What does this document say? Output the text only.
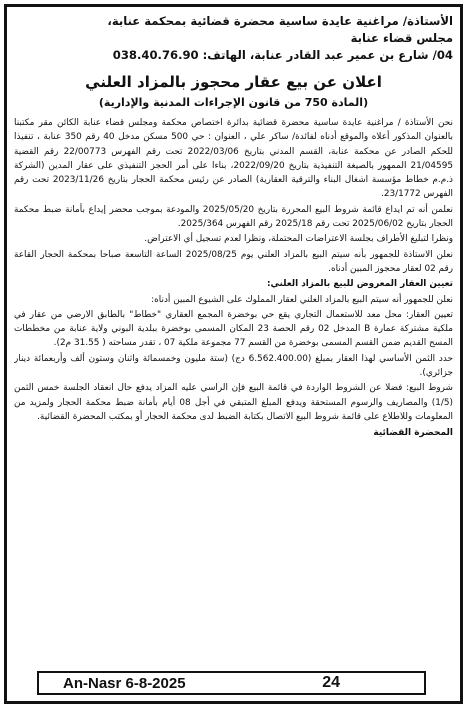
الأستاذة/ مراغنية عايدة ساسية محضرة قضائية بمحكمة عنابة،

مجلس قضاء عنابة

04/ شارع بن عمير عبد القادر عنابة، الهاتف: 038.40.76.90

اعلان عن بيع عقار محجوز بالمزاد العلني
(المادة 750 من قانون الإجراءات المدنية والإدارية)

نحن الأستاذة / مراغنية عايدة ساسية محضرة قضائية بدائرة اختصاص محكمة ومجلس قضاء عنابة الكائن مقر مكتبنا بالعنوان المذكور أعلاه والموقع أدناه لفائدة/ ساكر علي ، العنوان : حي 500 مسكن مدخل 40 رقم 350 عنابة ، تنفيذا للحكم الصادر عن محكمة عنابة، القسم المدني بتاريخ 2022/03/06 تحت رقم الفهرس 22/00773 رقم القضية 21/04595 الممهور بالصيغة التنفيذية بتاريخ 2022/09/20، بناءا على أمر الحجز التنفيذي على عقار المدين (الشركة ذ.م.م خطاط مؤسسة اشغال البناء والترقية العقارية) الصادر عن رئيس محكمة الحجار بتاريخ 2023/11/26 تحت رقم الفهرس 23/1772.

نعلمن أنه تم ايداع قائمة شروط البيع المحررة بتاريخ 2025/05/20 والمودعة بموجب محضر إيداع بأمانة ضبط محكمة الحجار بتاريخ 2025/06/02 تحت رقم 2025/18 رقم الفهرس 2025/364.

ونظرا لتبليغ الأطراف بجلسة الاعتراضات المحتملة، ونظرا لعدم تسجيل أي الاعتراض.

نعلن الاستاذة للجمهور بأنه سيتم البيع بالمزاد العلني يوم 2025/08/25 الساعة التاسعة صباحا بمحكمة الحجار القاعة رقم 02 لعقار محجوز المبين أدناه.

تعيين العقار المعروض للبيع بالمزاد العلني:

نعلن للجمهور أنه سيتم البيع بالمزاد العلني لعقار المملوك على الشيوع المبين أدناه:

تعيين العقار: محل معد للاستعمال التجاري يقع حي بوخضرة المجمع العقاري "خطاط" بالطابق الارضي من عقار في ملكية مشتركة عمارة B المدخل 02 رقم الحصة 23 المكان المسمى بوخضرة ببلدية البوني ولاية عنابة من مخططات المسح القديم ضمن القسم المسمى بوخضرة من القسم 77 مجموعة ملكية 07 ، تقدر مساحته ( 31.55 م2).

حدد الثمن الأساسي لهذا العقار بمبلغ (6.562.400.00 دج) (ستة مليون وخمسمائة واثنان وستون ألف وأربعمائة دينار جزائري).

شروط البيع: فضلا عن الشروط الواردة في قائمة البيع فإن الراسي عليه المزاد يدفع حال انعقاد الجلسة خمس الثمن (1/5) والمصاريف والرسوم المستحقة ويدفع المبلغ المتبقي في أجل 08 أيام بأمانة ضبط محكمة الحجار ولمزيد من المعلومات وللاطلاع على قائمة شروط البيع الاتصال بكتابة الضبط لدى محكمة الحجار أو بمكتب المحضرة القضائية.

المحضرة القضائية
An-Nasr 6-8-2025	24
